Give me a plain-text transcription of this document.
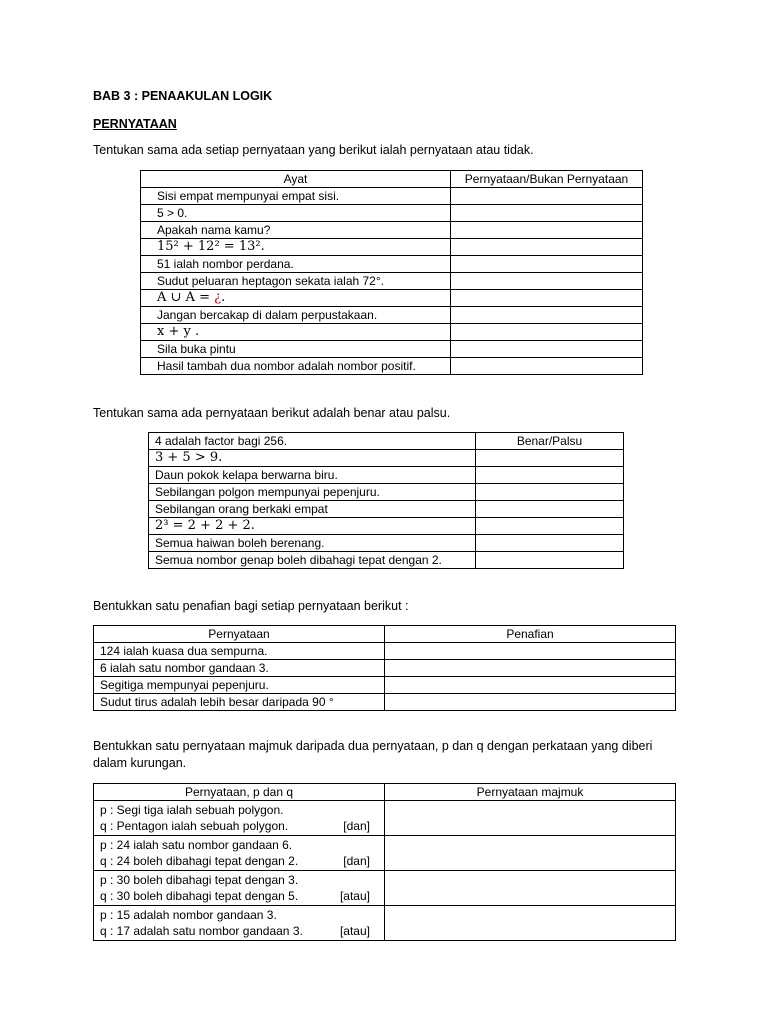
BAB 3 : PENAAKULAN LOGIK
PERNYATAAN
Tentukan sama ada setiap pernyataan yang berikut ialah pernyataan atau tidak.
Ayat	Pernyataan/Bukan Pernyataan
Sisi empat mempunyai empat sisi.	
5 > 0.	
Apakah nama kamu?	
15² + 12² = 13².	
51 ialah nombor perdana.	
Sudut peluaran heptagon sekata ialah 72°.	
A ∪ A = ¿.	
Jangan bercakap di dalam perpustakaan.	
x + y .	
Sila buka pintu	
Hasil tambah dua nombor adalah nombor positif.	
Tentukan sama ada pernyataan berikut adalah benar atau palsu.
4 adalah factor bagi 256.	Benar/Palsu
3 + 5 > 9.	
Daun pokok kelapa berwarna biru.	
Sebilangan polgon mempunyai pepenjuru.	
Sebilangan orang berkaki empat	
2³ = 2 + 2 + 2.	
Semua haiwan boleh berenang.	
Semua nombor genap boleh dibahagi tepat dengan 2.	
Bentukkan satu penafian bagi setiap pernyataan berikut :
Pernyataan	Penafian
124 ialah kuasa dua sempurna.	
6 ialah satu nombor gandaan 3.	
Segitiga mempunyai pepenjuru.	
Sudut tirus adalah lebih besar daripada 90 °	
Bentukkan satu pernyataan majmuk daripada dua pernyataan, p dan q dengan perkataan yang diberi dalam kurungan.
Pernyataan, p dan q	Pernyataan majmuk

p : Segi tiga ialah sebuah polygon.
q : Pentagon ialah sebuah polygon. [dan]	

p : 24 ialah satu nombor gandaan 6.
q : 24 boleh dibahagi tepat dengan 2. [dan]	

p : 30 boleh dibahagi tepat dengan 3.
q : 30 boleh dibahagi tepat dengan 5. [atau]	

p : 15 adalah nombor gandaan 3.
q : 17 adalah satu nombor gandaan 3. [atau]	
